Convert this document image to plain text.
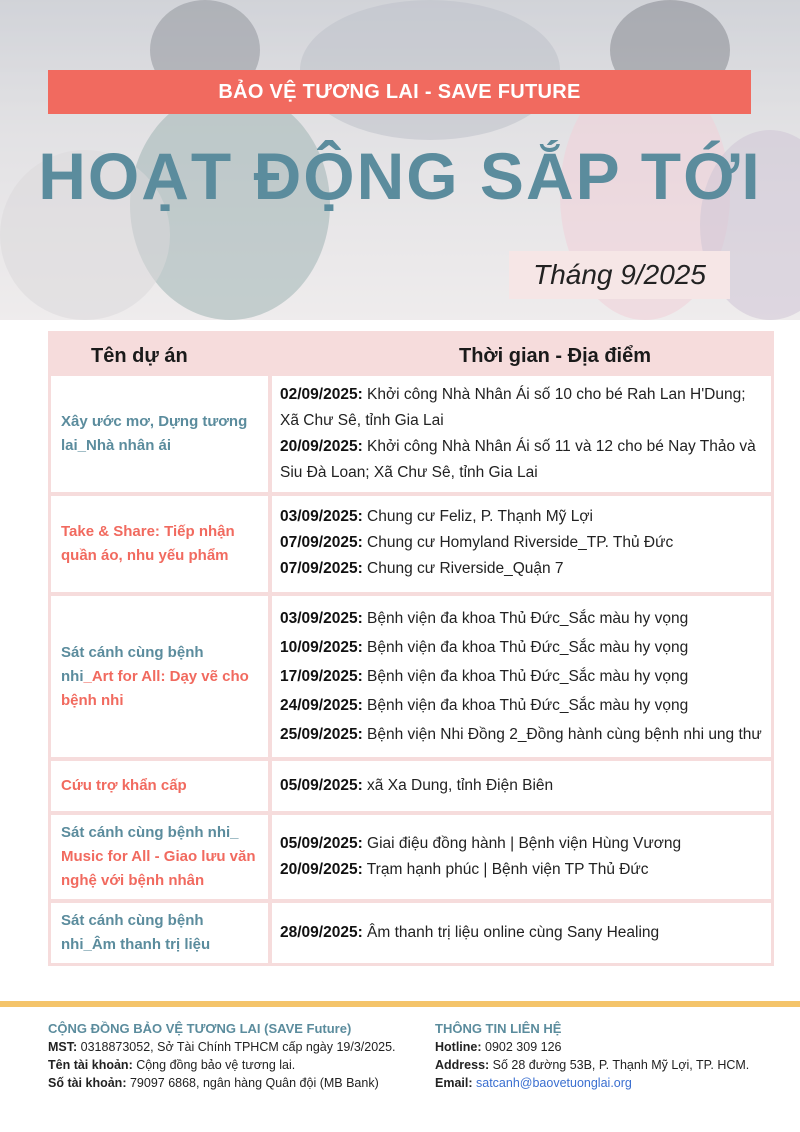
BẢO VỆ TƯƠNG LAI - SAVE FUTURE
HOẠT ĐỘNG SẮP TỚI
Tháng 9/2025
Tên dự án	Thời gian - Địa điểm
Xây ước mơ, Dựng tương lai_Nhà nhân ái
02/09/2025: Khởi công Nhà Nhân Ái số 10 cho bé Rah Lan H'Dung; Xã Chư Sê, tỉnh Gia Lai
20/09/2025: Khởi công Nhà Nhân Ái số 11 và 12 cho bé Nay Thảo và Siu Đà Loan; Xã Chư Sê, tỉnh Gia Lai
Take & Share: Tiếp nhận quần áo, nhu yếu phẩm
03/09/2025: Chung cư Feliz, P. Thạnh Mỹ Lợi
07/09/2025: Chung cư Homyland Riverside_TP. Thủ Đức
07/09/2025: Chung cư Riverside_Quận 7
Sát cánh cùng bệnh nhi_Art for All: Dạy vẽ cho bệnh nhi
03/09/2025: Bệnh viện đa khoa Thủ Đức_Sắc màu hy vọng
10/09/2025: Bệnh viện đa khoa Thủ Đức_Sắc màu hy vọng
17/09/2025: Bệnh viện đa khoa Thủ Đức_Sắc màu hy vọng
24/09/2025: Bệnh viện đa khoa Thủ Đức_Sắc màu hy vọng
25/09/2025: Bệnh viện Nhi Đồng 2_Đồng hành cùng bệnh nhi ung thư
Cứu trợ khẩn cấp	05/09/2025: xã Xa Dung, tỉnh Điện Biên
Sát cánh cùng bệnh nhi_
Music for All - Giao lưu văn nghệ với bệnh nhân
05/09/2025: Giai điệu đồng hành | Bệnh viện Hùng Vương
20/09/2025: Trạm hạnh phúc | Bệnh viện TP Thủ Đức
Sát cánh cùng bệnh nhi_Âm thanh trị liệu
28/09/2025: Âm thanh trị liệu online cùng Sany Healing
CỘNG ĐỒNG BẢO VỆ TƯƠNG LAI (SAVE Future)
MST: 0318873052, Sở Tài Chính TPHCM cấp ngày 19/3/2025.
Tên tài khoản: Cộng đồng bảo vệ tương lai.
Số tài khoản: 79097 6868, ngân hàng Quân đội (MB Bank)
THÔNG TIN LIÊN HỆ
Hotline: 0902 309 126
Address: Số 28 đường 53B, P. Thạnh Mỹ Lợi, TP. HCM.
Email: satcanh@baovetuonglai.org
